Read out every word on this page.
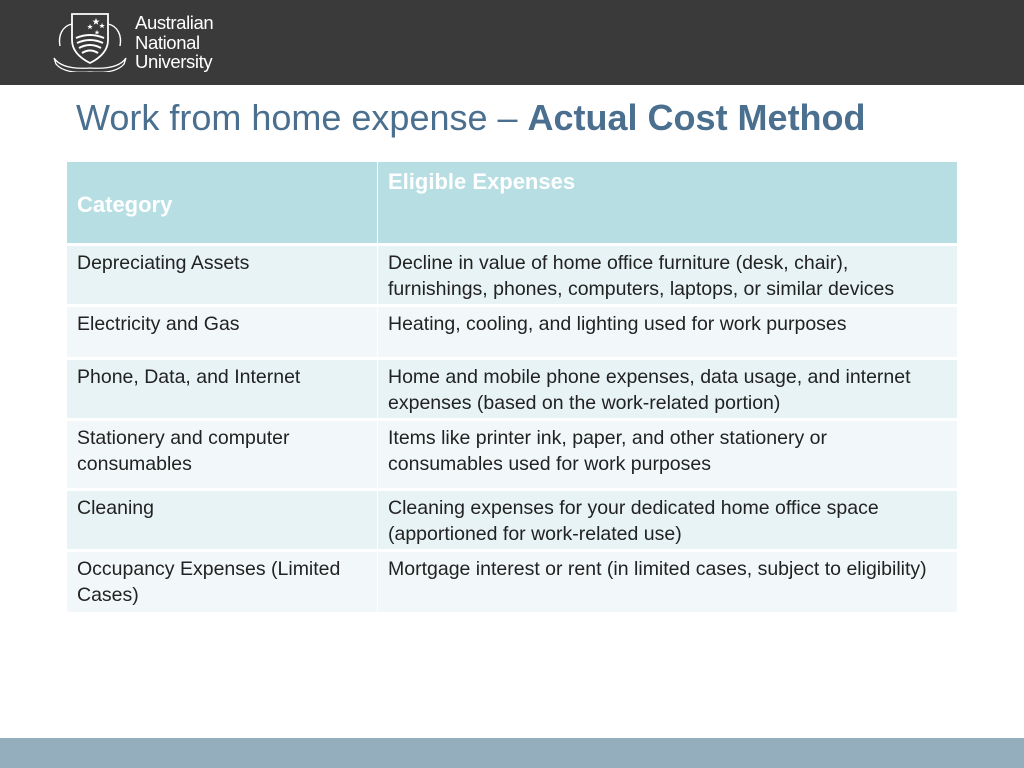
Australian
National
University
Work from home expense – Actual Cost Method
Category	Eligible Expenses
Depreciating Assets	Decline in value of home office furniture (desk, chair), furnishings, phones, computers, laptops, or similar devices
Electricity and Gas	Heating, cooling, and lighting used for work purposes
Phone, Data, and Internet	Home and mobile phone expenses, data usage, and internet expenses (based on the work-related portion)
Stationery and computer consumables	Items like printer ink, paper, and other stationery or consumables used for work purposes
Cleaning	Cleaning expenses for your dedicated home office space (apportioned for work-related use)
Occupancy Expenses (Limited Cases)	Mortgage interest or rent (in limited cases, subject to eligibility)
